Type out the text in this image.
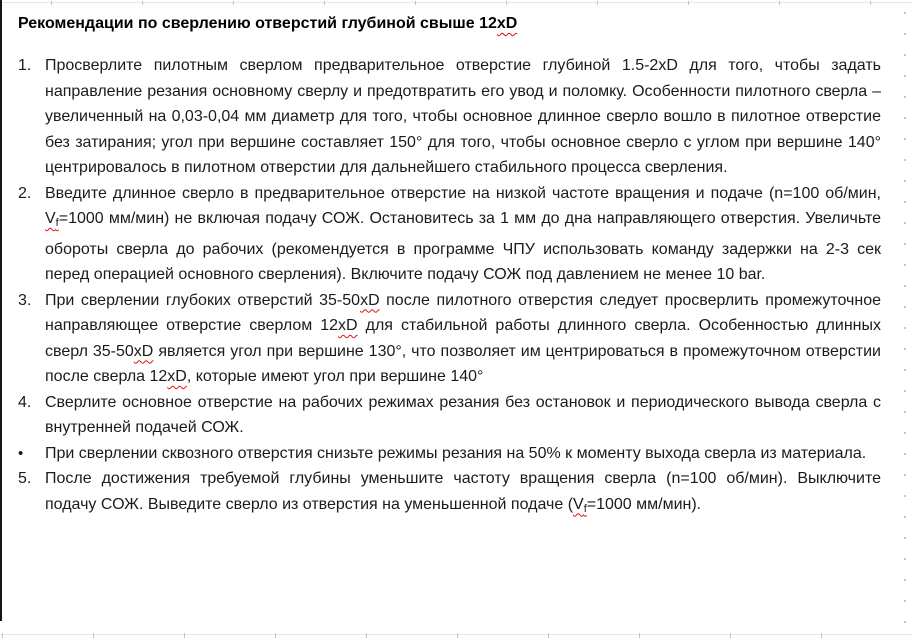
Рекомендации по сверлению отверстий глубиной свыше 12xD
1. Просверлите пилотным сверлом предварительное отверстие глубиной 1.5-2xD для того, чтобы задать направление резания основному сверлу и предотвратить его увод и поломку. Особенности пилотного сверла – увеличенный на 0,03-0,04 мм диаметр для того, чтобы основное длинное сверло вошло в пилотное отверстие без затирания; угол при вершине составляет 150° для того, чтобы основное сверло с углом при вершине 140° центрировалось в пилотном отверстии для дальнейшего стабильного процесса сверления.

2. Введите длинное сверло в предварительное отверстие на низкой частоте вращения и подаче (n=100 об/мин, $V_f=1000$ мм/мин) не включая подачу СОЖ. Остановитесь за 1 мм до дна направляющего отверстия. Увеличьте обороты сверла до рабочих (рекомендуется в программе ЧПУ использовать команду задержки на 2-3 сек перед операцией основного сверления). Включите подачу СОЖ под давлением не менее 10 bar.

3. При сверлении глубоких отверстий 35-50xD после пилотного отверстия следует просверлить промежуточное направляющее отверстие сверлом 12xD для стабильной работы длинного сверла. Особенностью длинных сверл 35-50xD является угол при вершине 130°, что позволяет им центрироваться в промежуточном отверстии после сверла 12xD, которые имеют угол при вершине 140°

4. Сверлите основное отверстие на рабочих режимах резания без остановок и периодического вывода сверла с внутренней подачей СОЖ.

•	При сверлении сквозного отверстия снизьте режимы резания на 50% к моменту выхода сверла из материала.

5. После достижения требуемой глубины уменьшите частоту вращения сверла (n=100 об/мин). Выключите подачу СОЖ. Выведите сверло из отверстия на уменьшенной подаче ($V_f=1000$ мм/мин).
